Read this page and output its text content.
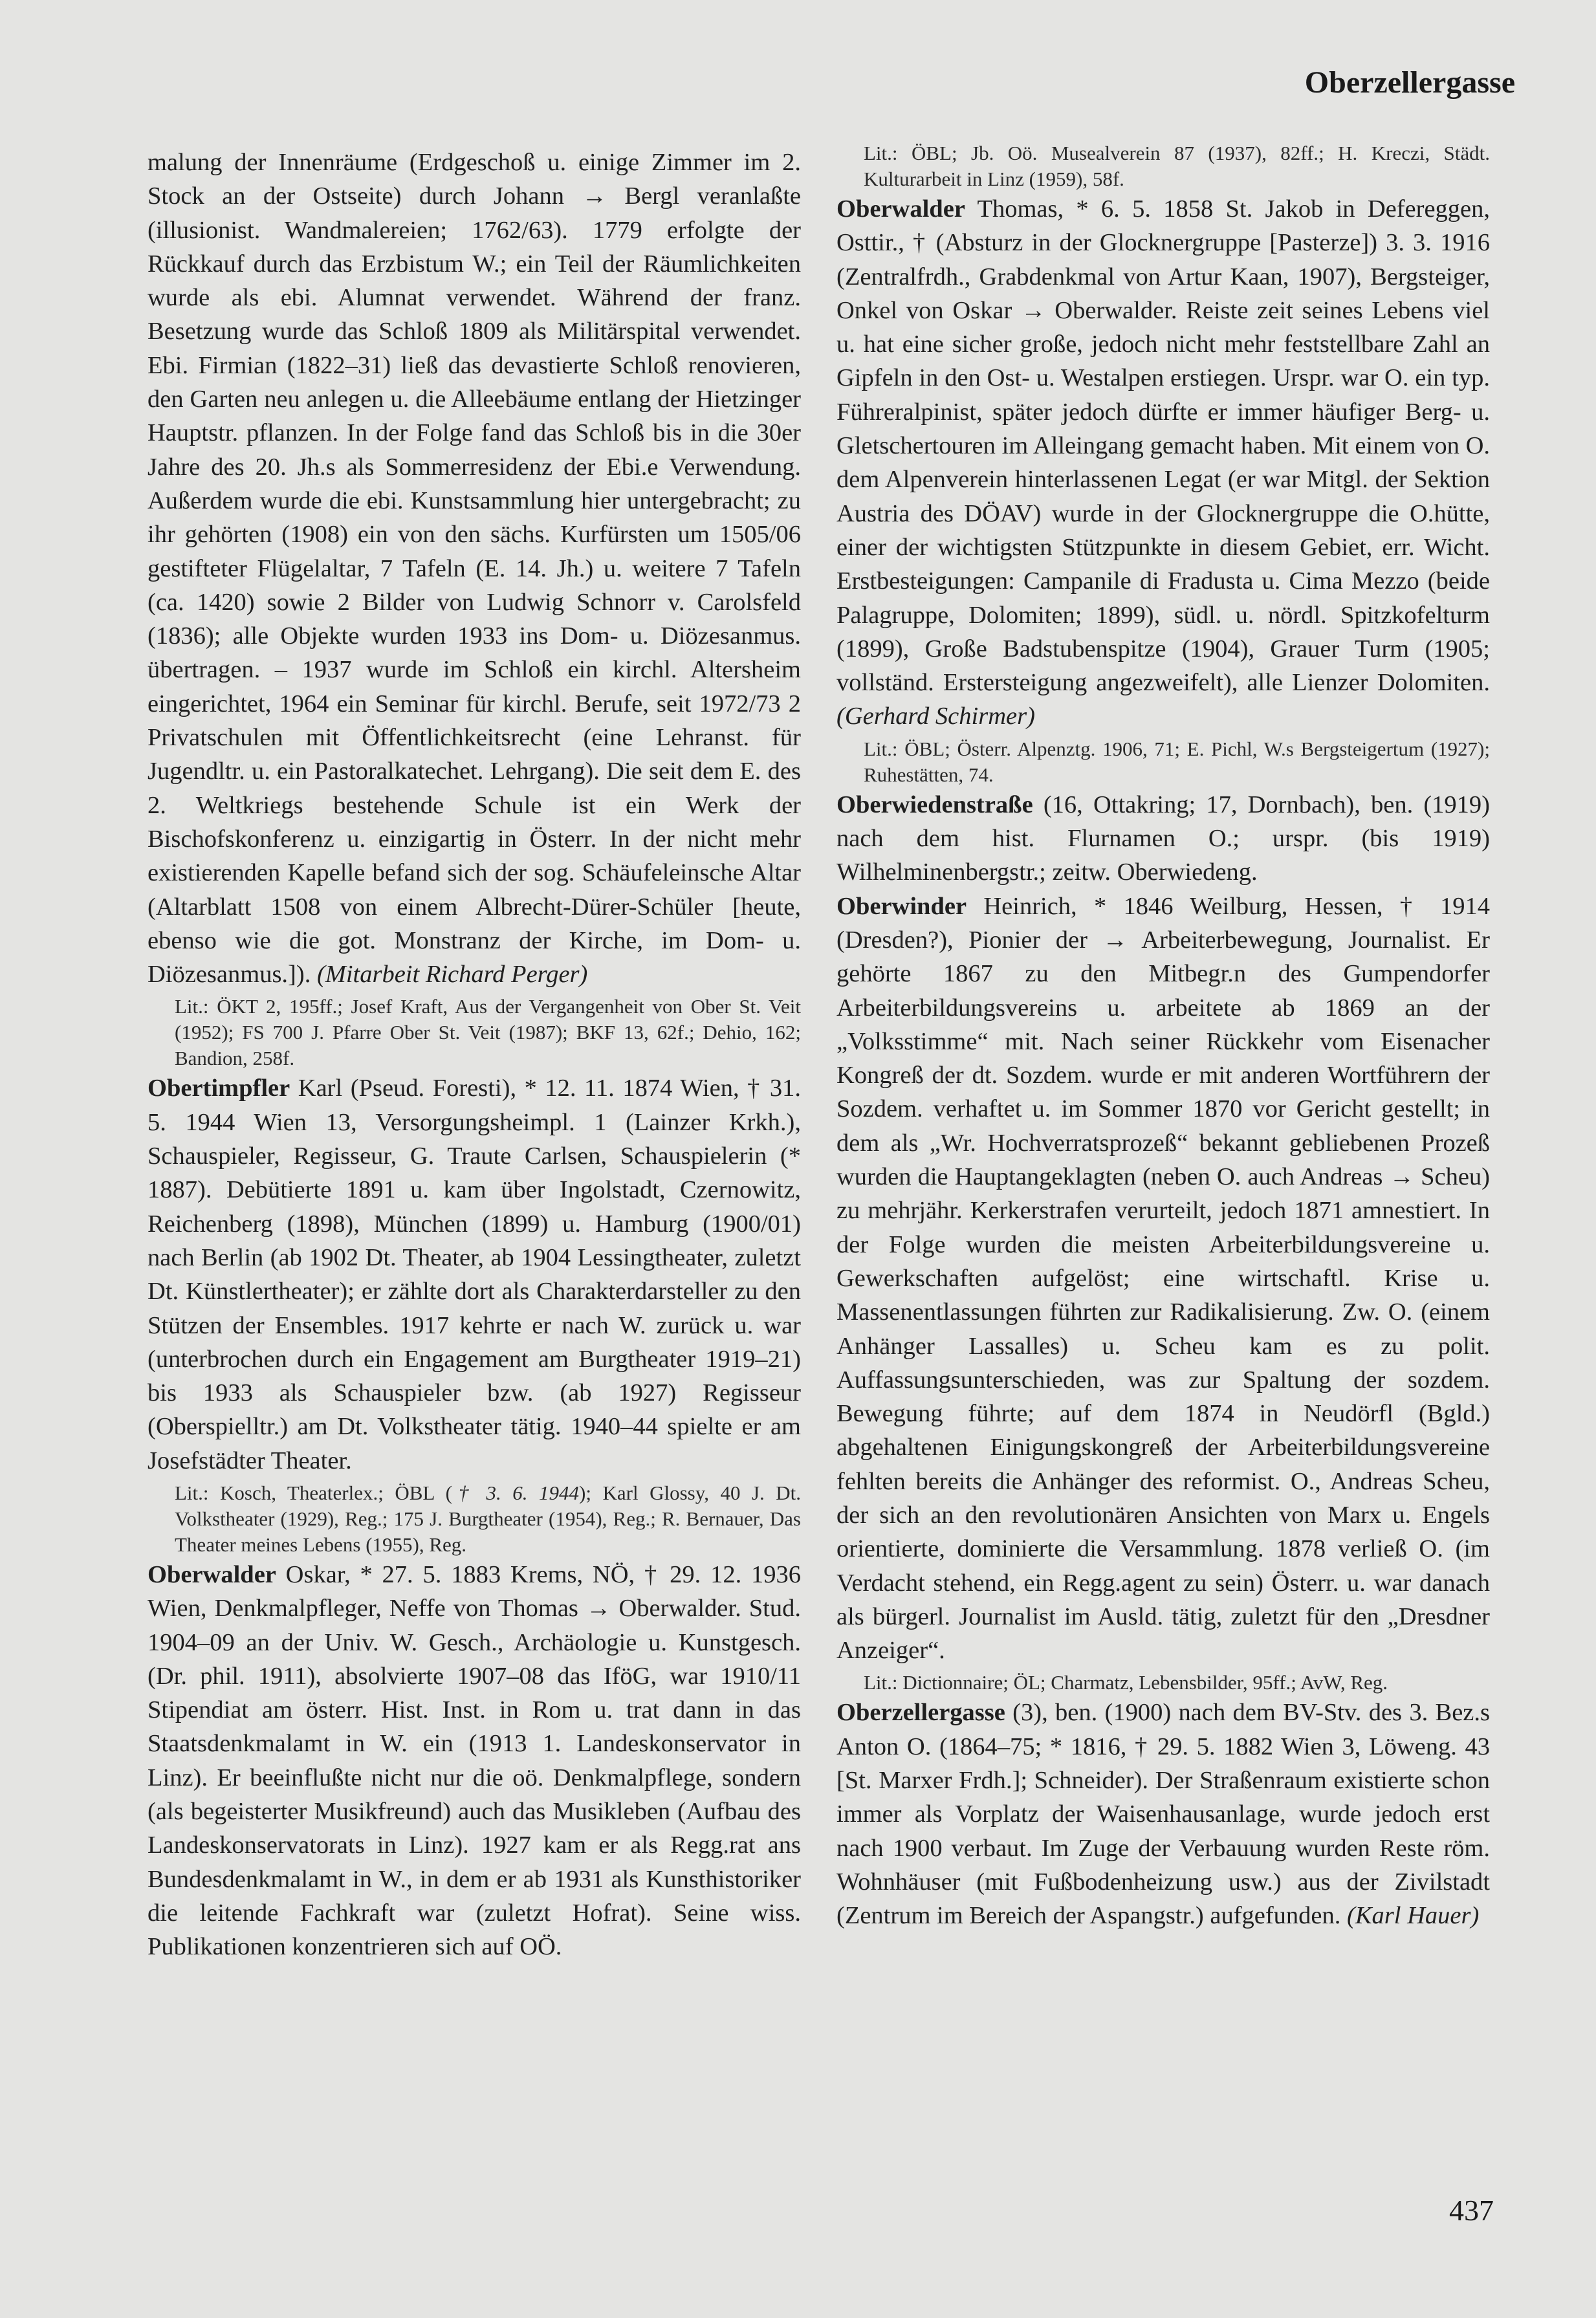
Oberzellergasse

malung der Innenräume (Erdgeschoß u. einige Zimmer im 2. Stock an der Ostseite) durch Johann → Bergl veranlaßte (illusionist. Wandmalereien; 1762/63). 1779 erfolgte der Rückkauf durch das Erzbistum W.; ein Teil der Räumlichkeiten wurde als ebi. Alumnat verwendet. Während der franz. Besetzung wurde das Schloß 1809 als Militärspital verwendet. Ebi. Firmian (1822–31) ließ das devastierte Schloß renovieren, den Garten neu anlegen u. die Alleebäume entlang der Hietzinger Hauptstr. pflanzen. In der Folge fand das Schloß bis in die 30er Jahre des 20. Jh.s als Sommerresidenz der Ebi.e Verwendung. Außerdem wurde die ebi. Kunstsammlung hier untergebracht; zu ihr gehörten (1908) ein von den sächs. Kurfürsten um 1505/06 gestifteter Flügelaltar, 7 Tafeln (E. 14. Jh.) u. weitere 7 Tafeln (ca. 1420) sowie 2 Bilder von Ludwig Schnorr v. Carolsfeld (1836); alle Objekte wurden 1933 ins Dom- u. Diözesanmus. übertragen. – 1937 wurde im Schloß ein kirchl. Altersheim eingerichtet, 1964 ein Seminar für kirchl. Berufe, seit 1972/73 2 Privatschulen mit Öffentlichkeitsrecht (eine Lehranst. für Jugendltr. u. ein Pastoralkatechet. Lehrgang). Die seit dem E. des 2. Weltkriegs bestehende Schule ist ein Werk der Bischofskonferenz u. einzigartig in Österr. In der nicht mehr existierenden Kapelle befand sich der sog. Schäufeleinsche Altar (Altarblatt 1508 von einem Albrecht-Dürer-Schüler [heute, ebenso wie die got. Monstranz der Kirche, im Dom- u. Diözesanmus.]). (Mitarbeit Richard Perger)

Lit.: ÖKT 2, 195ff.; Josef Kraft, Aus der Vergangenheit von Ober St. Veit (1952); FS 700 J. Pfarre Ober St. Veit (1987); BKF 13, 62f.; Dehio, 162; Bandion, 258f.

Obertimpfler Karl (Pseud. Foresti), * 12. 11. 1874 Wien, † 31. 5. 1944 Wien 13, Versorgungsheimpl. 1 (Lainzer Krkh.), Schauspieler, Regisseur, G. Traute Carlsen, Schauspielerin (* 1887). Debütierte 1891 u. kam über Ingolstadt, Czernowitz, Reichenberg (1898), München (1899) u. Hamburg (1900/01) nach Berlin (ab 1902 Dt. Theater, ab 1904 Lessingtheater, zuletzt Dt. Künstlertheater); er zählte dort als Charakterdarsteller zu den Stützen der Ensembles. 1917 kehrte er nach W. zurück u. war (unterbrochen durch ein Engagement am Burgtheater 1919–21) bis 1933 als Schauspieler bzw. (ab 1927) Regisseur (Oberspielltr.) am Dt. Volkstheater tätig. 1940–44 spielte er am Josefstädter Theater.

Lit.: Kosch, Theaterlex.; ÖBL († 3. 6. 1944); Karl Glossy, 40 J. Dt. Volkstheater (1929), Reg.; 175 J. Burgtheater (1954), Reg.; R. Bernauer, Das Theater meines Lebens (1955), Reg.

Oberwalder Oskar, * 27. 5. 1883 Krems, NÖ, † 29. 12. 1936 Wien, Denkmalpfleger, Neffe von Thomas → Oberwalder. Stud. 1904–09 an der Univ. W. Gesch., Archäologie u. Kunstgesch. (Dr. phil. 1911), absolvierte 1907–08 das IföG, war 1910/11 Stipendiat am österr. Hist. Inst. in Rom u. trat dann in das Staatsdenkmalamt in W. ein (1913 1. Landeskonservator in Linz). Er beeinflußte nicht nur die oö. Denkmalpflege, sondern (als begeisterter Musikfreund) auch das Musikleben (Aufbau des Landeskonservatorats in Linz). 1927 kam er als Regg.rat ans Bundesdenkmalamt in W., in dem er ab 1931 als Kunsthistoriker die leitende Fachkraft war (zuletzt Hofrat). Seine wiss. Publikationen konzentrieren sich auf OÖ.

Lit.: ÖBL; Jb. Oö. Musealverein 87 (1937), 82ff.; H. Kreczi, Städt. Kulturarbeit in Linz (1959), 58f.

Oberwalder Thomas, * 6. 5. 1858 St. Jakob in Defereggen, Osttir., † (Absturz in der Glocknergruppe [Pasterze]) 3. 3. 1916 (Zentralfrdh., Grabdenkmal von Artur Kaan, 1907), Bergsteiger, Onkel von Oskar → Oberwalder. Reiste zeit seines Lebens viel u. hat eine sicher große, jedoch nicht mehr feststellbare Zahl an Gipfeln in den Ost- u. Westalpen erstiegen. Urspr. war O. ein typ. Führeralpinist, später jedoch dürfte er immer häufiger Berg- u. Gletschertouren im Alleingang gemacht haben. Mit einem von O. dem Alpenverein hinterlassenen Legat (er war Mitgl. der Sektion Austria des DÖAV) wurde in der Glocknergruppe die O.hütte, einer der wichtigsten Stützpunkte in diesem Gebiet, err. Wicht. Erstbesteigungen: Campanile di Fradusta u. Cima Mezzo (beide Palagruppe, Dolomiten; 1899), südl. u. nördl. Spitzkofelturm (1899), Große Badstubenspitze (1904), Grauer Turm (1905; vollständ. Erstersteigung angezweifelt), alle Lienzer Dolomiten. (Gerhard Schirmer)

Lit.: ÖBL; Österr. Alpenztg. 1906, 71; E. Pichl, W.s Bergsteigertum (1927); Ruhestätten, 74.

Oberwiedenstraße (16, Ottakring; 17, Dornbach), ben. (1919) nach dem hist. Flurnamen O.; urspr. (bis 1919) Wilhelminenbergstr.; zeitw. Oberwiedeng.

Oberwinder Heinrich, * 1846 Weilburg, Hessen, † 1914 (Dresden?), Pionier der → Arbeiterbewegung, Journalist. Er gehörte 1867 zu den Mitbegr.n des Gumpendorfer Arbeiterbildungsvereins u. arbeitete ab 1869 an der „Volksstimme“ mit. Nach seiner Rückkehr vom Eisenacher Kongreß der dt. Sozdem. wurde er mit anderen Wortführern der Sozdem. verhaftet u. im Sommer 1870 vor Gericht gestellt; in dem als „Wr. Hochverratsprozeß“ bekannt gebliebenen Prozeß wurden die Hauptangeklagten (neben O. auch Andreas → Scheu) zu mehrjähr. Kerkerstrafen verurteilt, jedoch 1871 amnestiert. In der Folge wurden die meisten Arbeiterbildungsvereine u. Gewerkschaften aufgelöst; eine wirtschaftl. Krise u. Massenentlassungen führten zur Radikalisierung. Zw. O. (einem Anhänger Lassalles) u. Scheu kam es zu polit. Auffassungsunterschieden, was zur Spaltung der sozdem. Bewegung führte; auf dem 1874 in Neudörfl (Bgld.) abgehaltenen Einigungskongreß der Arbeiterbildungsvereine fehlten bereits die Anhänger des reformist. O., Andreas Scheu, der sich an den revolutionären Ansichten von Marx u. Engels orientierte, dominierte die Versammlung. 1878 verließ O. (im Verdacht stehend, ein Regg.agent zu sein) Österr. u. war danach als bürgerl. Journalist im Ausld. tätig, zuletzt für den „Dresdner Anzeiger“.

Lit.: Dictionnaire; ÖL; Charmatz, Lebensbilder, 95ff.; AvW, Reg.

Oberzellergasse (3), ben. (1900) nach dem BV-Stv. des 3. Bez.s Anton O. (1864–75; * 1816, † 29. 5. 1882 Wien 3, Löweng. 43 [St. Marxer Frdh.]; Schneider). Der Straßenraum existierte schon immer als Vorplatz der Waisenhausanlage, wurde jedoch erst nach 1900 verbaut. Im Zuge der Verbauung wurden Reste röm. Wohnhäuser (mit Fußbodenheizung usw.) aus der Zivilstadt (Zentrum im Bereich der Aspangstr.) aufgefunden. (Karl Hauer)

437
